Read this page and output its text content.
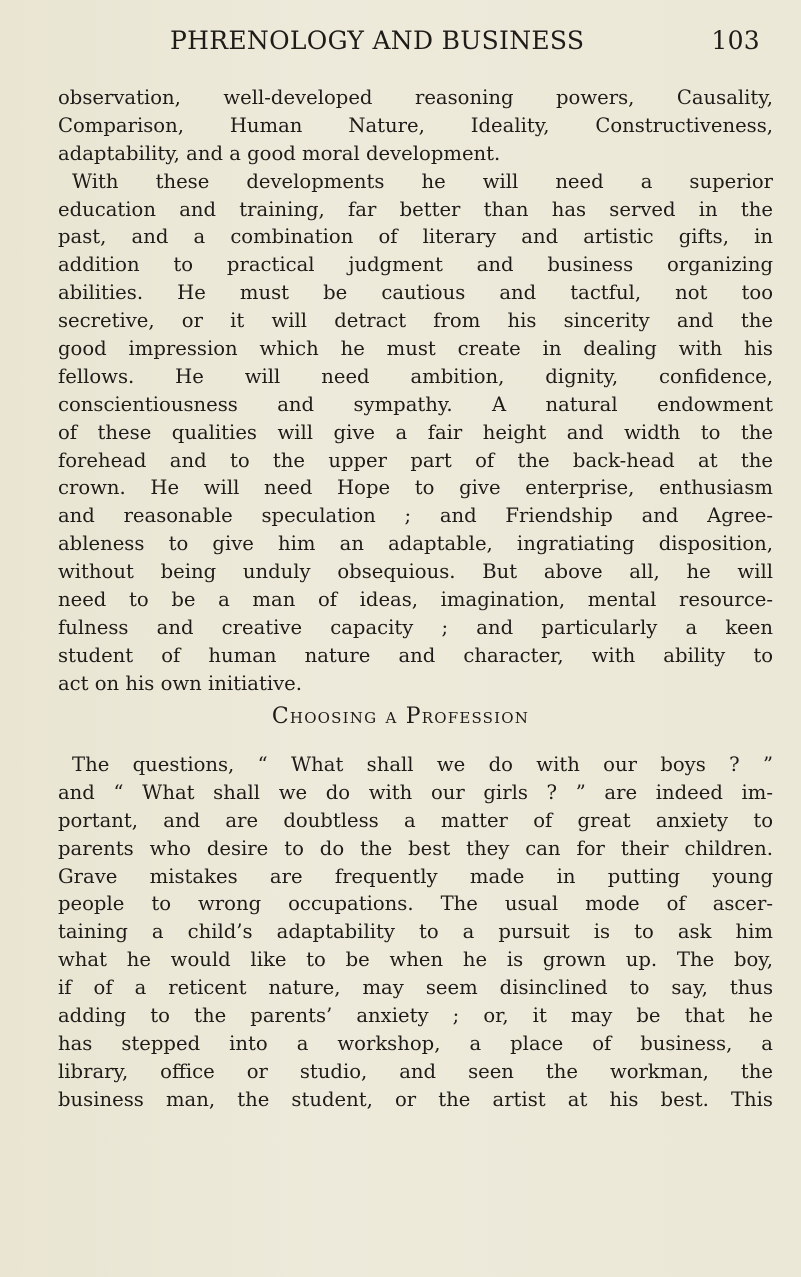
PHRENOLOGY AND BUSINESS	103
observation, well-developed reasoning powers, Causality,
Comparison, Human Nature, Ideality, Constructiveness,
adaptability, and a good moral development.
With these developments he will need a superior
education and training, far better than has served in the
past, and a combination of literary and artistic gifts, in
addition to practical judgment and business organizing
abilities. He must be cautious and tactful, not too
secretive, or it will detract from his sincerity and the
good impression which he must create in dealing with his
fellows. He will need ambition, dignity, confidence,
conscientiousness and sympathy. A natural endowment
of these qualities will give a fair height and width to the
forehead and to the upper part of the back-head at the
crown. He will need Hope to give enterprise, enthusiasm
and reasonable speculation ; and Friendship and Agree-
ableness to give him an adaptable, ingratiating disposition,
without being unduly obsequious. But above all, he will
need to be a man of ideas, imagination, mental resource-
fulness and creative capacity ; and particularly a keen
student of human nature and character, with ability to
act on his own initiative.
Choosing a Profession
The questions, “ What shall we do with our boys ? ”
and “ What shall we do with our girls ? ” are indeed im-
portant, and are doubtless a matter of great anxiety to
parents who desire to do the best they can for their children.
Grave mistakes are frequently made in putting young
people to wrong occupations. The usual mode of ascer-
taining a child’s adaptability to a pursuit is to ask him
what he would like to be when he is grown up. The boy,
if of a reticent nature, may seem disinclined to say, thus
adding to the parents’ anxiety ; or, it may be that he
has stepped into a workshop, a place of business, a
library, office or studio, and seen the workman, the
business man, the student, or the artist at his best. This
